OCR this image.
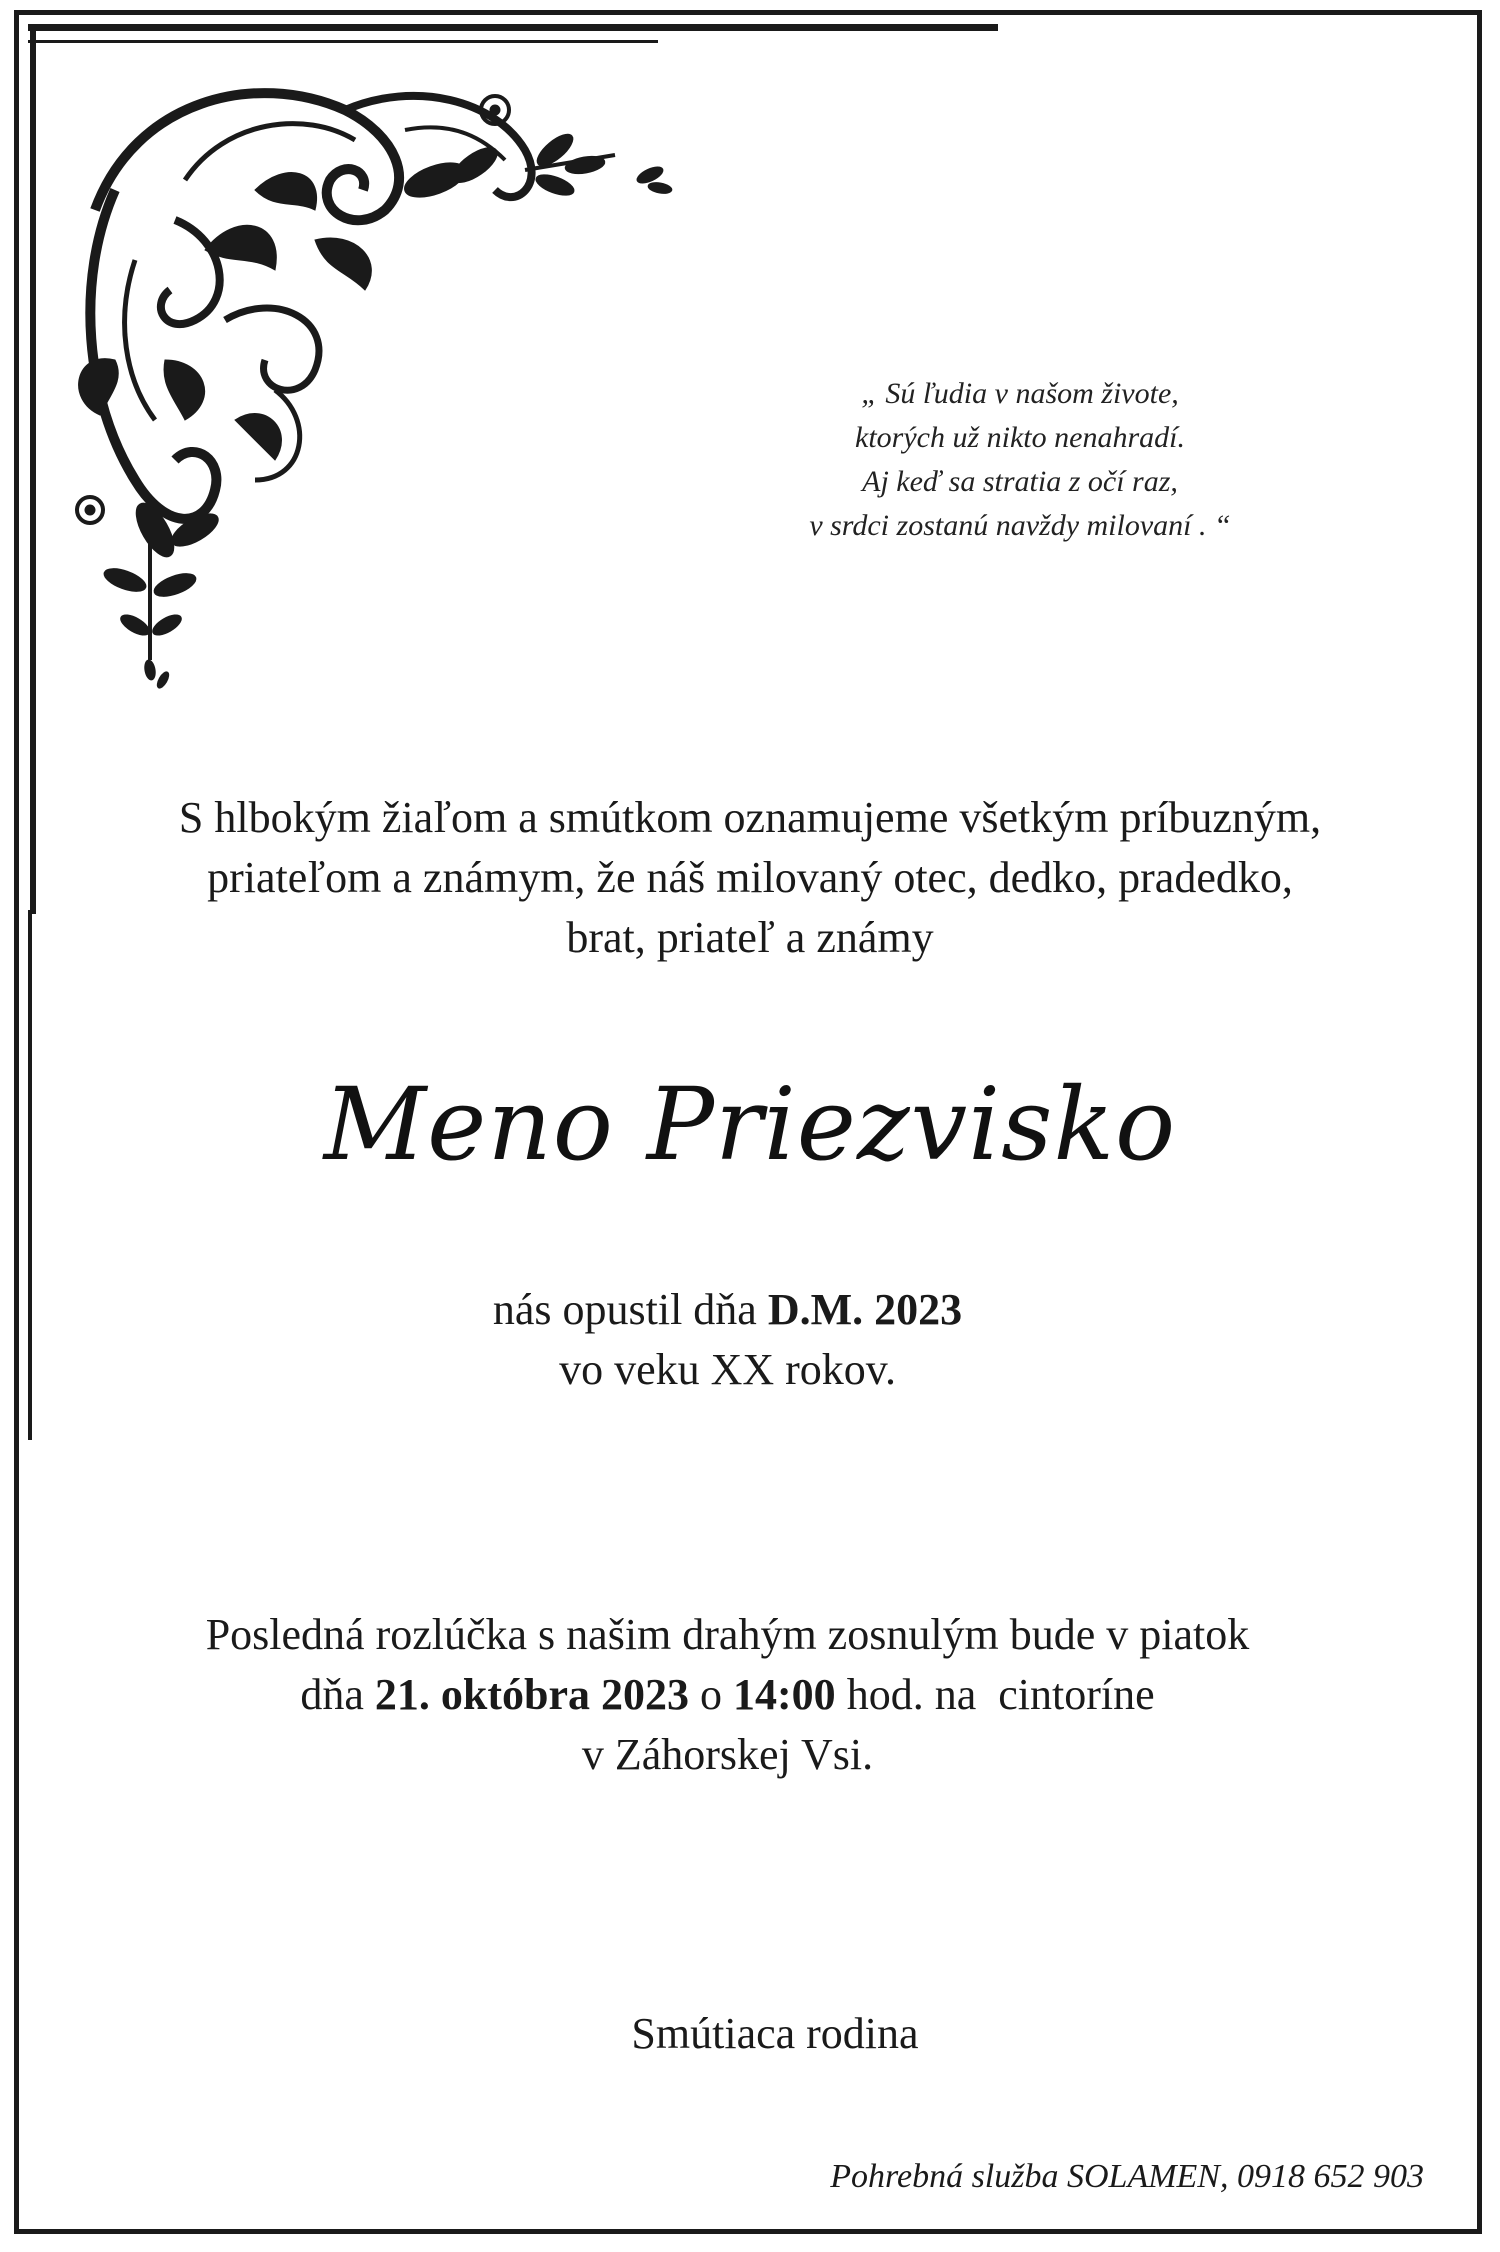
„ Sú ľudia v našom živote,
ktorých už nikto nenahradí.
Aj keď sa stratia z očí raz,
v srdci zostanú navždy milovaní . “
S hlbokým žiaľom a smútkom oznamujeme všetkým príbuzným,
priateľom a známym, že náš milovaný otec, dedko, pradedko,
brat, priateľ a známy
Meno Priezvisko
nás opustil dňa D.M. 2023
vo veku XX rokov.
Posledná rozlúčka s našim drahým zosnulým bude v piatok
dňa 21. októbra 2023 o 14:00 hod. na  cintoríne
v Záhorskej Vsi.
Smútiaca rodina
Pohrebná služba SOLAMEN, 0918 652 903
